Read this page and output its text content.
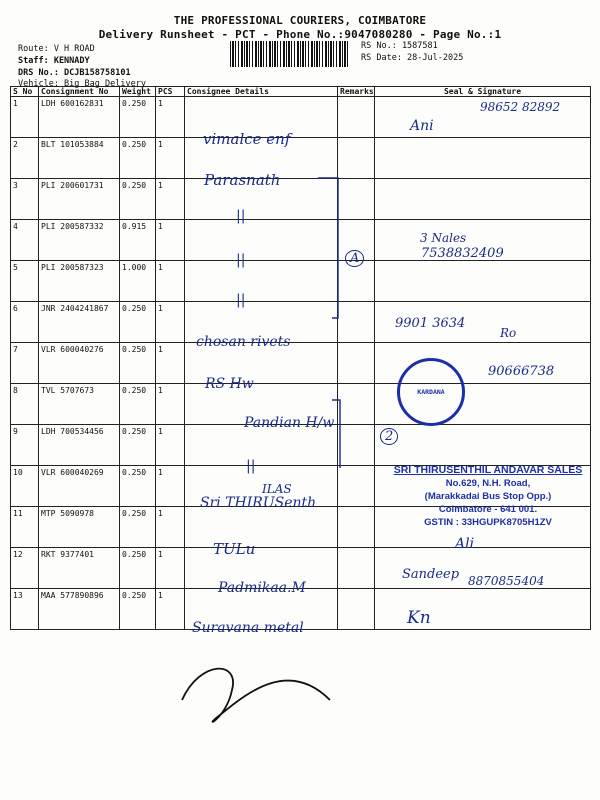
THE PROFESSIONAL COURIERS, COIMBATORE
Delivery Runsheet - PCT - Phone No.:9047080280 - Page No.:1
Route: V H ROAD
Staff: KENNADY
DRS No.: DCJB158758101
Vehicle: Big Bag Delivery
RS No.: 1587581
RS Date: 28-Jul-2025
S No	Consignment No	Weight	PCS	Consignee Details	Remarks	Seal & Signature
1	LDH 600162831	0.250	1			
2	BLT 101053884	0.250	1			
3	PLI 200601731	0.250	1			
4	PLI 200587332	0.915	1			
5	PLI 200587323	1.000	1			
6	JNR 2404241867	0.250	1			
7	VLR 600040276	0.250	1			
8	TVL 5707673	0.250	1			
9	LDH 700534456	0.250	1			
10	VLR 600040269	0.250	1			
11	MTP 5090978	0.250	1			
12	RKT 9377401	0.250	1			
13	MAA 577890896	0.250	1			
vimalce enf
Parasnath
||
||
||
chosan rivets
RS Hw
Pandian H/w
||
ILAS
Sri THIRUSenth
TULu
Padmikaa.M
Suravana metal
A
2
98652 82892
Ani
3 Nales
7538832409
9901 3634
Ro
90666738
Ali
Sandeep 8870855404
Kn
KARDANA
SRI THIRUSENTHIL ANDAVAR SALES
No.629, N.H. Road,
(Marakkadai Bus Stop Opp.)
Coimbatore - 641 001.
GSTIN : 33HGUPK8705H1ZV
